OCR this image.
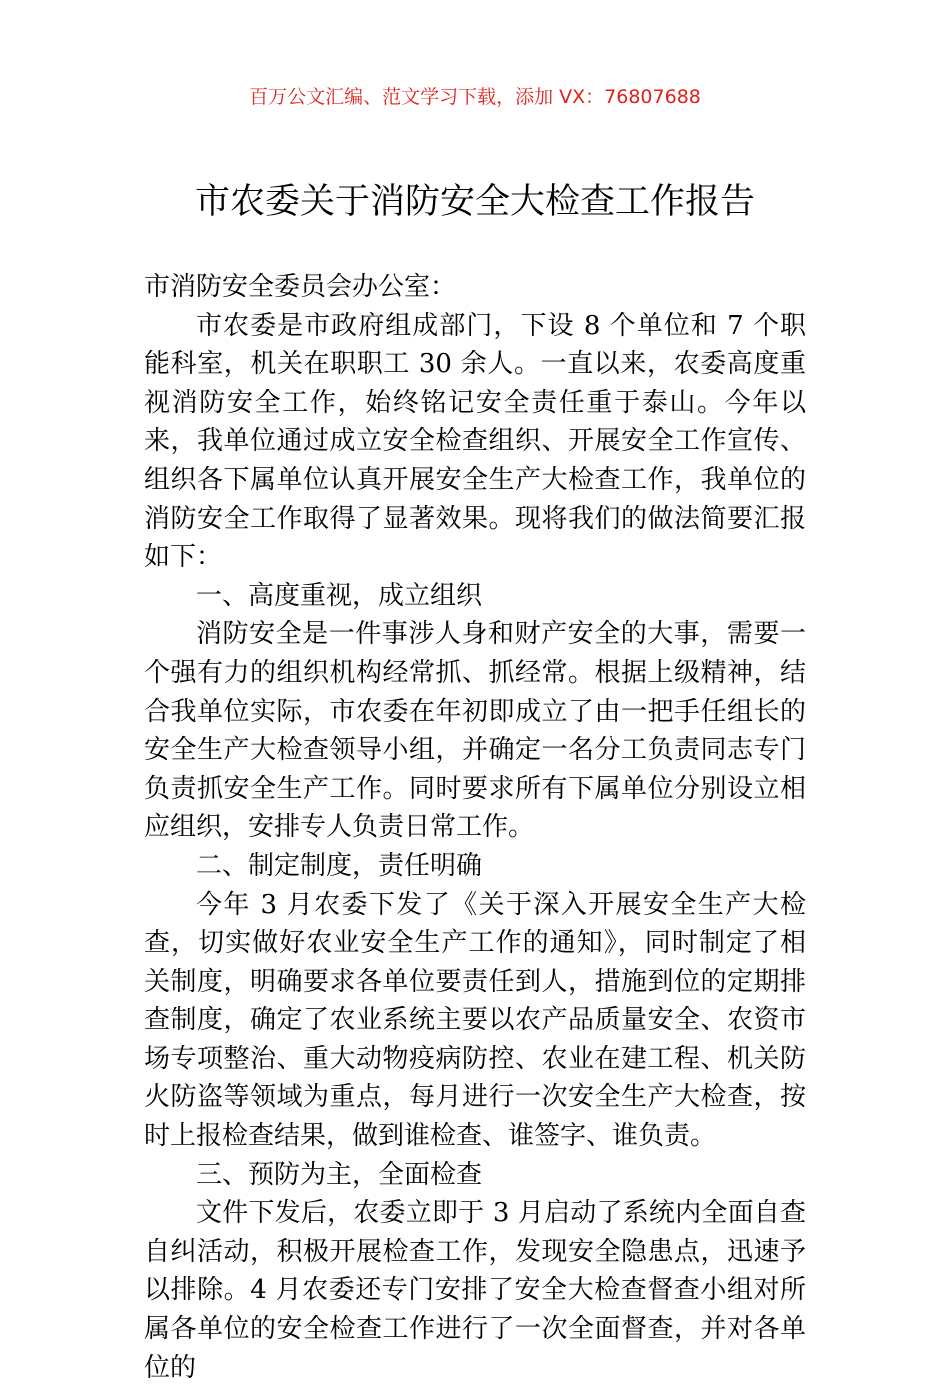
百万公文汇编、范文学习下载，添加 VX：76807688
市农委关于消防安全大检查工作报告

市消防安全委员会办公室：

市农委是市政府组成部门，下设 8 个单位和 7 个职能科室，机关在职职工 30 余人。一直以来，农委高度重视消防安全工作，始终铭记安全责任重于泰山。今年以来，我单位通过成立安全检查组织、开展安全工作宣传、组织各下属单位认真开展安全生产大检查工作，我单位的消防安全工作取得了显著效果。现将我们的做法简要汇报如下：

一、高度重视，成立组织

消防安全是一件事涉人身和财产安全的大事，需要一个强有力的组织机构经常抓、抓经常。根据上级精神，结合我单位实际，市农委在年初即成立了由一把手任组长的安全生产大检查领导小组，并确定一名分工负责同志专门负责抓安全生产工作。同时要求所有下属单位分别设立相应组织，安排专人负责日常工作。

二、制定制度，责任明确

今年 3 月农委下发了《关于深入开展安全生产大检查，切实做好农业安全生产工作的通知》，同时制定了相关制度，明确要求各单位要责任到人，措施到位的定期排查制度，确定了农业系统主要以农产品质量安全、农资市场专项整治、重大动物疫病防控、农业在建工程、机关防火防盗等领域为重点，每月进行一次安全生产大检查，按时上报检查结果，做到谁检查、谁签字、谁负责。

三、预防为主，全面检查

文件下发后，农委立即于 3 月启动了系统内全面自查自纠活动，积极开展检查工作，发现安全隐患点，迅速予以排除。4 月农委还专门安排了安全大检查督查小组对所属各单位的安全检查工作进行了一次全面督查，并对各单位的
